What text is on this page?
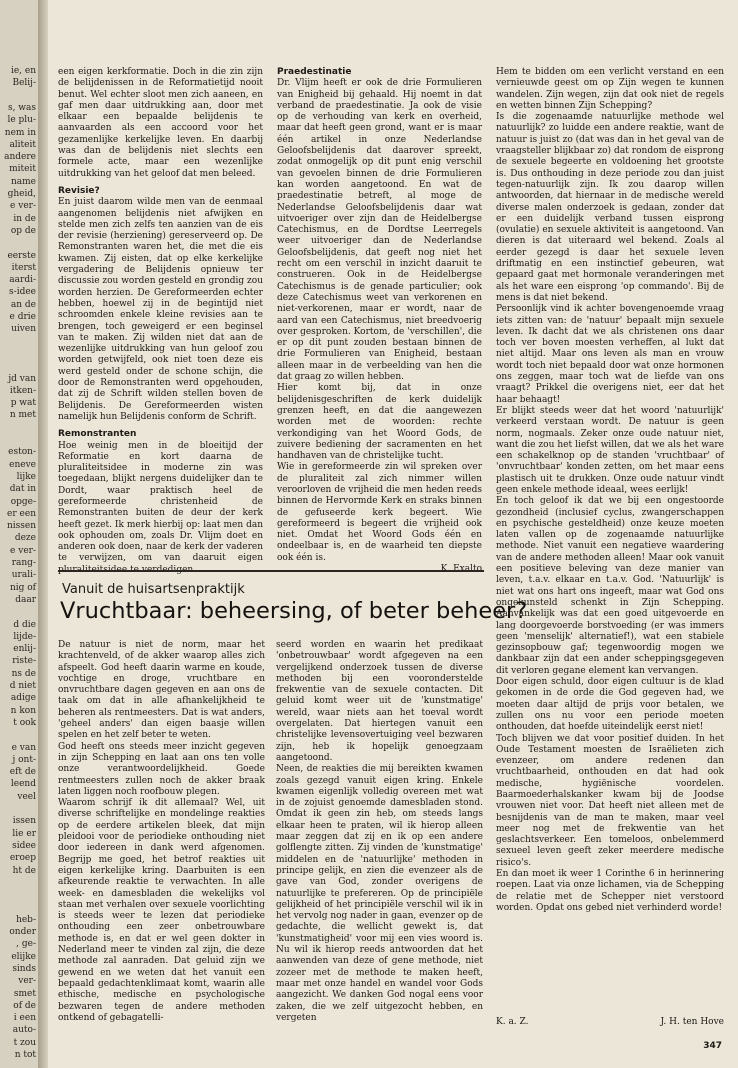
ie, en
Belij-
s, was
le plu-
nem in
aliteit
andere
miteit
name
gheid,
e ver-
in de
op de
eerste
iterst
aardi-
s-idee
an de
e drie
uiven
jd van
itken-
p wat
n met
eston-
eneve
lijke
dat in
opge-
er een
nissen
deze
e ver-
rang-
urali-
nig of
daar
d die
lijde-
enlij-
riste-
ns de
d niet
adige
n kon
t ook
e van
j ont-
eft de
leend
veel
issen
lie er
sidee
eroep
ht de
heb-
onder
, ge-
elijke
sinds
ver-
smet
of de
i een
auto-
t zou
n tot

een eigen kerkformatie. Doch in die zin zijn de belijdenissen in de Reformatietijd nooit benut. Wel echter sloot men zich aaneen, en gaf men daar uitdrukking aan, door met elkaar een bepaalde belijdenis te aanvaarden als een accoord voor het gezamenlijke kerkelijke leven. En daarbij was dan de belijdenis niet slechts een formele acte, maar een wezenlijke uitdrukking van het geloof dat men beleed.

Revisie?

En juist daarom wilde men van de eenmaal aangenomen belijdenis niet afwijken en stelde men zich zelfs ten aanzien van de eis der revisie (herziening) gereserveerd op. De Remonstranten waren het, die met die eis kwamen. Zij eisten, dat op elke kerkelijke vergadering de Belijdenis opnieuw ter discussie zou worden gesteld en grondig zou worden herzien. De Gereformeerden echter hebben, hoewel zij in de begintijd niet schroomden enkele kleine revisies aan te brengen, toch geweigerd er een beginsel van te maken. Zij wilden niet dat aan de wezenlijke uitdrukking van hun geloof zou worden getwijfeld, ook niet toen deze eis werd gesteld onder de schone schijn, die door de Remonstranten werd opgehouden, dat zij de Schrift wilden stellen boven de Belijdenis. De Gereformeerden wisten namelijk hun Belijdenis conform de Schrift.

Remonstranten

Hoe weinig men in de bloeitijd der Reformatie en kort daarna de pluraliteitsidee in moderne zin was toegedaan, blijkt nergens duidelijker dan te Dordt, waar praktisch heel de gereformeerde christenheid de Remonstranten buiten de deur der kerk heeft gezet. Ik merk hierbij op: laat men dan ook ophouden om, zoals Dr. Vlijm doet en anderen ook doen, naar de kerk der vaderen te verwijzen, om van daaruit eigen

Praedestinatie

Dr. Vlijm heeft er ook de drie Formulieren van Enigheid bij gehaald. Hij noemt in dat verband de praedestinatie. Ja ook de visie op de verhouding van kerk en overheid, maar dat heeft geen grond, want er is maar één artikel in onze Nederlandse Geloofsbelijdenis dat daarover spreekt, zodat onmogelijk op dit punt enig verschil van gevoelen binnen de drie Formulieren kan worden aangetoond. En wat de praedestinatie betreft, al moge de Nederlandse Geloofsbelijdenis daar wat uitvoeriger over zijn dan de Heidelbergse Catechismus, en de Dordtse Leerregels weer uitvoeriger dan de Nederlandse Geloofsbelijdenis, dat geeft nog niet het recht om een verschil in inzicht daaruit te construeren. Ook in de Heidelbergse Catechismus is de genade particulier; ook deze Catechismus weet van verkorenen en niet-verkorenen, maar er wordt, naar de aard van een Catechismus, niet breedvoerig over gesproken. Kortom, de 'verschillen', die er op dit punt zouden bestaan binnen de drie Formulieren van Enigheid, bestaan alleen maar in de verbeelding van hen die dat graag zo willen hebben.

Hier komt bij, dat in onze belijdenisgeschriften de kerk duidelijk grenzen heeft, en dat die aangewezen worden met de woorden: rechte verkondiging van het Woord Gods, de zuivere bediening der sacramenten en het handhaven van de christelijke tucht.

Wie in gereformeerde zin wil spreken over de pluraliteit zal zich nimmer willen veroorloven de vrijheid die men heden reeds binnen de Hervormde Kerk en straks binnen de gefuseerde kerk begeert. Wie gereformeerd is begeert die vrijheid ook niet. Omdat het Woord Gods één en ondeelbaar is, en de waarheid ten diepste ook één is.

Hem te bidden om een verlicht verstand en een vernieuwde geest om op Zijn wegen te kunnen wandelen. Zijn wegen, zijn dat ook niet de regels en wetten binnen Zijn Schepping?

Is die zogenaamde natuurlijke methode wel natuurlijk? zo luidde een andere reaktie, want de natuur is juist zo (dat was dan in het geval van de vraagsteller blijkbaar zo) dat rondom de eisprong de sexuele begeerte en voldoening het grootste is. Dus onthouding in deze periode zou dan juist tegen-natuurlijk zijn. Ik zou daarop willen antwoorden, dat hiernaar in de medische wereld diverse malen onderzoek is gedaan, zonder dat er een duidelijk verband tussen eisprong (ovulatie) en sexuele aktiviteit is aangetoond. Van dieren is dat uiteraard wel bekend. Zoals al eerder gezegd is daar het sexuele leven driftmatig en een instinctief gebeuren, wat gepaard gaat met hormonale veranderingen met als het ware een eisprong 'op commando'. Bij de mens is dat niet bekend.

Persoonlijk vind ik achter bovengenoemde vraag iets zitten van: de 'natuur' bepaalt mijn sexuele leven. Ik dacht dat we als christenen ons daar toch ver boven moesten verheffen, al lukt dat niet altijd. Maar ons leven als man en vrouw wordt toch niet bepaald door wat onze hormonen ons zeggen, maar toch wat de liefde van ons vraagt? Prikkel die overigens niet, eer dat het haar behaagt!

Er blijkt steeds weer dat het woord 'natuurlijk' verkeerd verstaan wordt. De natuur is geen norm, nogmaals. Zeker onze oude natuur niet, want die zou het liefst willen, dat we als het ware een schakelknop op de standen 'vruchtbaar' of 'onvruchtbaar' konden zetten, om het maar eens plastisch uit te drukken. Onze oude natuur vindt geen enkele methode ideaal, wees eerlijk!

En toch geloof ik dat we bij een ongestoorde gezondheid (inclusief cyclus, zwangerschappen en psychische gesteldheid) onze keuze moeten laten vallen op de zogenaamde natuurlijke methode. Niet vanuit een negatieve waardering van de andere methoden alleen! Maar ook vanuit een positieve beleving van deze manier van leven, t.a.v. elkaar en t.a.v. God. 'Natuurlijk' is niet wat ons hart ons ingeeft, maar wat God ons ongekunsteld schenkt in Zijn Schepping. Aanvankelijk was dat een goed uitgevoerde en lang doorgevoerde borstvoeding (er was immers geen 'menselijk' alternatief!), wat een stabiele gezinsopbouw gaf; tegenwoordig mogen we dankbaar zijn dat een ander scheppingsgegeven dit verloren gegane element kan vervangen.

Door eigen schuld, door eigen cultuur is de klad gekomen in de orde die God gegeven had, we moeten daar altijd de prijs voor betalen, we zullen ons nu voor een periode moeten onthouden, dat hoefde uiteindelijk eerst niet!

Toch blijven we dat voor positief duiden. In het Oude Testament moesten de Israëlieten zich evenzeer, om andere redenen dan vruchtbaarheid, onthouden en dat had ook medische, hygiënische voordelen. Baarmoederhalskanker kwam bij de Joodse vrouwen niet voor. Dat heeft niet alleen met de besnijdenis van de man te maken, maar veel meer nog met de frekwentie van het geslachtsverkeer. Een tomeloos, onbelemmerd sexueel leven geeft zeker meerdere medische risico's.

En dan moet ik weer 1 Corinthe 6 in herinnering roepen. Laat via onze lichamen, via de Schepping de relatie met de Schepper niet verstoord worden. Opdat ons gebed niet verhinderd worde!

Vanuit de huisartsenpraktijk
Vruchtbaar: beheersing, of beter beheer?

De natuur is niet de norm, maar het krachtenveld, of de akker waarop alles zich afspeelt. God heeft daarin warme en koude, vochtige en droge, vruchtbare en onvruchtbare dagen gegeven en aan ons de taak om dat in alle afhankelijkheid te beheren als rentmeesters. Dat is wat anders, 'geheel anders' dan eigen baasje willen spelen en het zelf beter te weten.

God heeft ons steeds meer inzicht gegeven in zijn Schepping en laat aan ons ten volle onze verantwoordelijkheid. Goede rentmeesters zullen noch de akker braak laten liggen noch roofbouw plegen.

Waarom schrijf ik dit allemaal? Wel, uit diverse schriftelijke en mondelinge reakties op de eerdere artikelen bleek, dat mijn pleidooi voor de periodieke onthouding niet door iedereen in dank werd afgenomen. Begrijp me goed, het betrof reakties uit eigen kerkelijke kring. Daarbuiten is een afkeurende reaktie te verwachten. In alle week- en damesbladen die wekelijks vol staan met verhalen over sexuele voorlichting is steeds weer te lezen dat periodieke onthouding een zeer onbetrouwbare methode is, en dat er wel geen dokter in Nederland meer te vinden zal zijn, die deze methode zal aanraden. Dat geluid zijn we gewend en we weten dat het vanuit een bepaald gedachtenklimaat komt, waarin alle ethische, medische en psychologische bezwaren tegen de andere methoden ontkend of gebagatelli-

seerd worden en waarin het predikaat 'onbetrouwbaar' wordt afgegeven na een vergelijkend onderzoek tussen de diverse methoden bij een vooronderstelde frekwentie van de sexuele contacten. Dit geluid komt weer uit de 'kunstmatige' wereld, waar niets aan het toeval wordt overgelaten. Dat hiertegen vanuit een christelijke levensovertuiging veel bezwaren zijn, heb ik hopelijk genoegzaam aangetoond.

Neen, de reakties die mij bereikten kwamen zoals gezegd vanuit eigen kring. Enkele kwamen eigenlijk volledig overeen met wat in de zojuist genoemde damesbladen stond. Omdat ik geen zin heb, om steeds langs elkaar heen te praten, wil ik hierop alleen maar zeggen dat zij en ik op een andere golflengte zitten. Zij vinden de 'kunstmatige' middelen en de 'natuurlijke' methoden in principe gelijk, en zien die evenzeer als de gave van God, zonder overigens de natuurlijke te prefereren. Op de principiële gelijkheid of het principiële verschil wil ik in het vervolg nog nader in gaan, evenzer op de gedachte, die wellicht gewekt is, dat 'kunstmatigheid' voor mij een vies woord is. Nu wil ik hierop reeds antwoorden dat het aanwenden van deze of gene methode, niet zozeer met de methode te maken heeft, maar met onze handel en wandel voor Gods aangezicht. We danken God nogal eens voor zaken, die we zelf uitgezocht hebben, en vergeten	K. a. Z.	J. H. ten Hove
347
